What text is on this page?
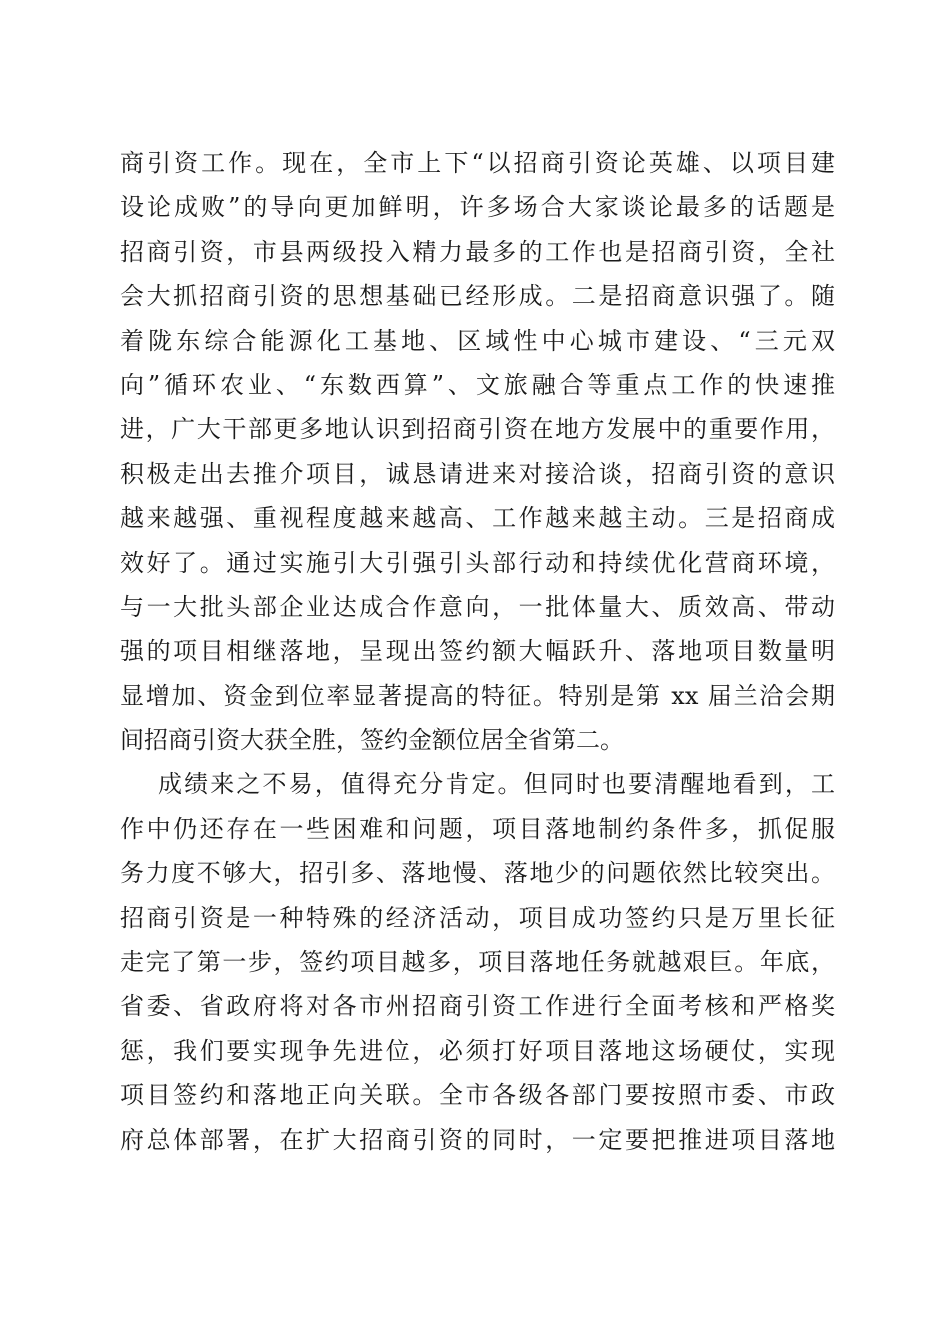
商引资工作。现在，全市上下“以招商引资论英雄、以项目建
设论成败”的导向更加鲜明，许多场合大家谈论最多的话题是
招商引资，市县两级投入精力最多的工作也是招商引资，全社
会大抓招商引资的思想基础已经形成。二是招商意识强了。随
着陇东综合能源化工基地、区域性中心城市建设、“三元双
向”循环农业、“东数西算”、文旅融合等重点工作的快速推
进，广大干部更多地认识到招商引资在地方发展中的重要作用，
积极走出去推介项目，诚恳请进来对接洽谈，招商引资的意识
越来越强、重视程度越来越高、工作越来越主动。三是招商成
效好了。通过实施引大引强引头部行动和持续优化营商环境，
与一大批头部企业达成合作意向，一批体量大、质效高、带动
强的项目相继落地，呈现出签约额大幅跃升、落地项目数量明
显增加、资金到位率显著提高的特征。特别是第 xx 届兰洽会期
间招商引资大获全胜，签约金额位居全省第二。
成绩来之不易，值得充分肯定。但同时也要清醒地看到，工
作中仍还存在一些困难和问题，项目落地制约条件多，抓促服
务力度不够大，招引多、落地慢、落地少的问题依然比较突出。
招商引资是一种特殊的经济活动，项目成功签约只是万里长征
走完了第一步，签约项目越多，项目落地任务就越艰巨。年底，
省委、省政府将对各市州招商引资工作进行全面考核和严格奖
惩，我们要实现争先进位，必须打好项目落地这场硬仗，实现
项目签约和落地正向关联。全市各级各部门要按照市委、市政
府总体部署，在扩大招商引资的同时，一定要把推进项目落地
